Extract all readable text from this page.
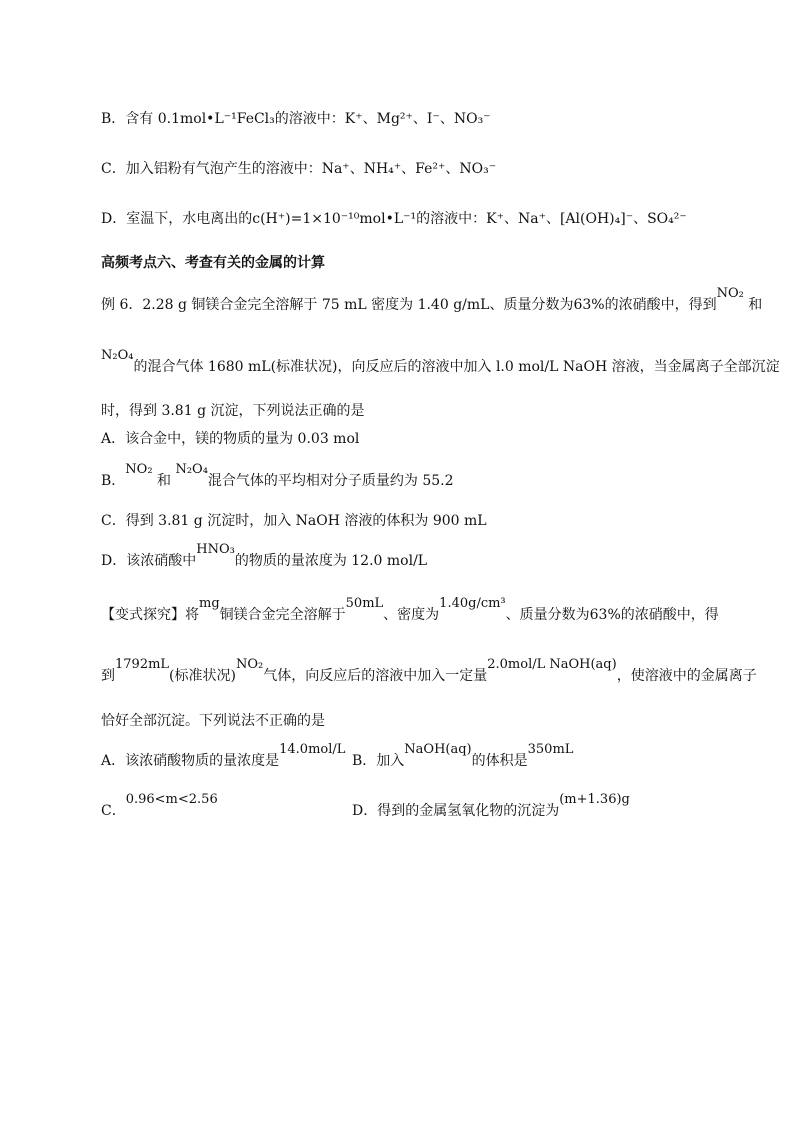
B．含有 0.1mol•L⁻¹FeCl₃的溶液中：K⁺、Mg²⁺、I⁻、NO₃⁻
C．加入铝粉有气泡产生的溶液中：Na⁺、NH₄⁺、Fe²⁺、NO₃⁻
D．室温下，水电离出的c(H⁺)=1×10⁻¹⁰mol•L⁻¹的溶液中：K⁺、Na⁺、[Al(OH)₄]⁻、SO₄²⁻
高频考点六、考查有关的金属的计算
例 6．2.28 g 铜镁合金完全溶解于 75 mL 密度为 1.40 g/mL、质量分数为63%的浓硝酸中，得到NO₂ 和
N₂O₄的混合气体 1680 mL(标准状况)，向反应后的溶液中加入 l.0 mol/L NaOH 溶液，当金属离子全部沉淀
时，得到 3.81 g 沉淀，下列说法正确的是
A．该合金中，镁的物质的量为 0.03 mol
B．NO₂ 和 N₂O₄混合气体的平均相对分子质量约为 55.2
C．得到 3.81 g 沉淀时，加入 NaOH 溶液的体积为 900 mL
D．该浓硝酸中HNO₃的物质的量浓度为 12.0 mol/L
【变式探究】将mg铜镁合金完全溶解于50mL、密度为1.40g/cm³、质量分数为63%的浓硝酸中，得
到1792mL(标准状况)NO₂气体，向反应后的溶液中加入一定量2.0mol/L NaOH(aq)，使溶液中的金属离子
恰好全部沉淀。下列说法不正确的是
A．该浓硝酸物质的量浓度是14.0mol/L
B．加入NaOH(aq)的体积是350mL
C．0.96<m<2.56
D．得到的金属氢氧化物的沉淀为(m+1.36)g
